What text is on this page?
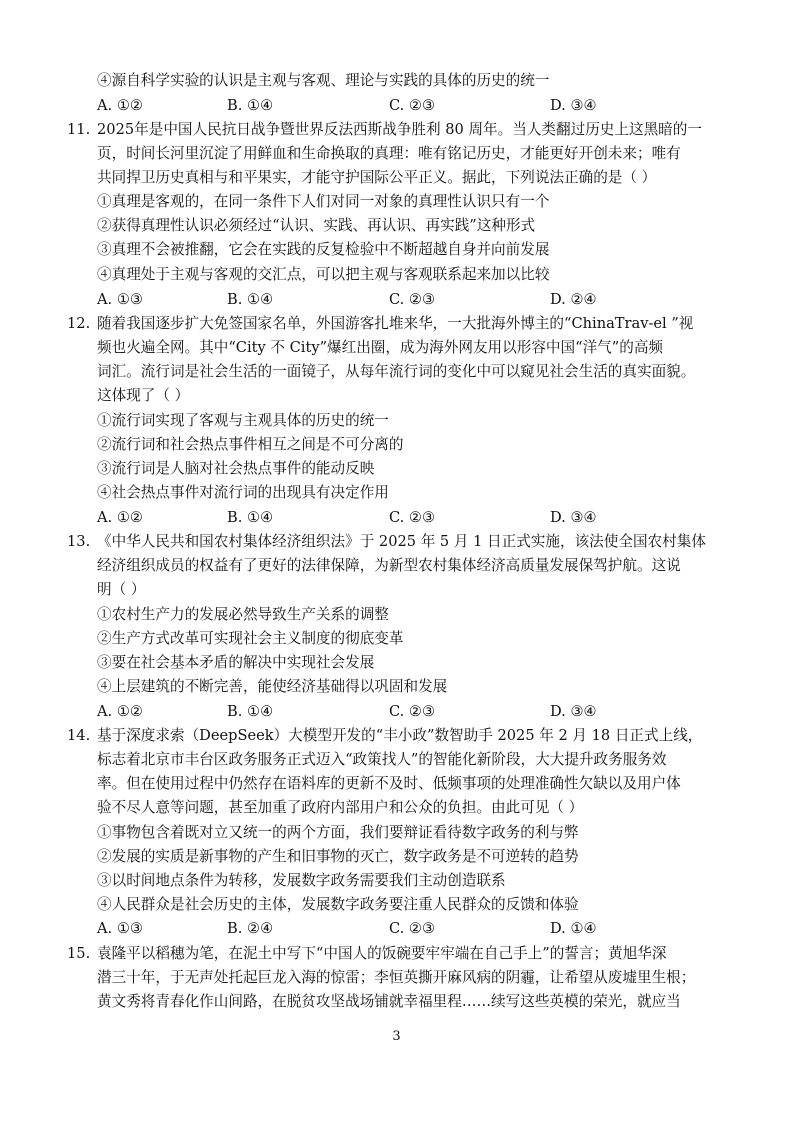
④源自科学实验的认识是主观与客观、理论与实践的具体的历史的统一
A. ①②	B. ①④	C. ②③	D. ③④
11. 2025年是中国人民抗日战争暨世界反法西斯战争胜利 80 周年。当人类翻过历史上这黑暗的一
页，时间长河里沉淀了用鲜血和生命换取的真理：唯有铭记历史，才能更好开创未来；唯有
共同捍卫历史真相与和平果实，才能守护国际公平正义。据此，下列说法正确的是（ ）
①真理是客观的，在同一条件下人们对同一对象的真理性认识只有一个
②获得真理性认识必须经过“认识、实践、再认识、再实践”这种形式
③真理不会被推翻，它会在实践的反复检验中不断超越自身并向前发展
④真理处于主观与客观的交汇点，可以把主观与客观联系起来加以比较
A. ①③	B. ①④	C. ②③	D. ②④
12. 随着我国逐步扩大免签国家名单，外国游客扎堆来华，一大批海外博主的“ChinaTrav-el ”视
频也火遍全网。其中“City 不 City”爆红出圈，成为海外网友用以形容中国“洋气”的高频
词汇。流行词是社会生活的一面镜子，从每年流行词的变化中可以窥见社会生活的真实面貌。
这体现了（ ）
①流行词实现了客观与主观具体的历史的统一
②流行词和社会热点事件相互之间是不可分离的
③流行词是人脑对社会热点事件的能动反映
④社会热点事件对流行词的出现具有决定作用
A. ①②	B. ①④	C. ②③	D. ③④
13. 《中华人民共和国农村集体经济组织法》于 2025 年 5 月 1 日正式实施，该法使全国农村集体
经济组织成员的权益有了更好的法律保障，为新型农村集体经济高质量发展保驾护航。这说
明（ ）
①农村生产力的发展必然导致生产关系的调整
②生产方式改革可实现社会主义制度的彻底变革
③要在社会基本矛盾的解决中实现社会发展
④上层建筑的不断完善，能使经济基础得以巩固和发展
A. ①②	B. ①④	C. ②③	D. ③④
14. 基于深度求索（DeepSeek）大模型开发的“丰小政”数智助手 2025 年 2 月 18 日正式上线，
标志着北京市丰台区政务服务正式迈入“政策找人”的智能化新阶段，大大提升政务服务效
率。但在使用过程中仍然存在语料库的更新不及时、低频事项的处理准确性欠缺以及用户体
验不尽人意等问题，甚至加重了政府内部用户和公众的负担。由此可见（ ）
①事物包含着既对立又统一的两个方面，我们要辩证看待数字政务的利与弊
②发展的实质是新事物的产生和旧事物的灭亡，数字政务是不可逆转的趋势
③以时间地点条件为转移，发展数字政务需要我们主动创造联系
④人民群众是社会历史的主体，发展数字政务要注重人民群众的反馈和体验
A. ①③	B. ②④	C. ②③	D. ①④
15. 袁隆平以稻穗为笔，在泥土中写下“中国人的饭碗要牢牢端在自己手上”的誓言；黄旭华深
潜三十年，于无声处托起巨龙入海的惊雷；李恒英撕开麻风病的阴霾，让希望从废墟里生根；
黄文秀将青春化作山间路，在脱贫攻坚战场铺就幸福里程……续写这些英模的荣光，就应当
3
